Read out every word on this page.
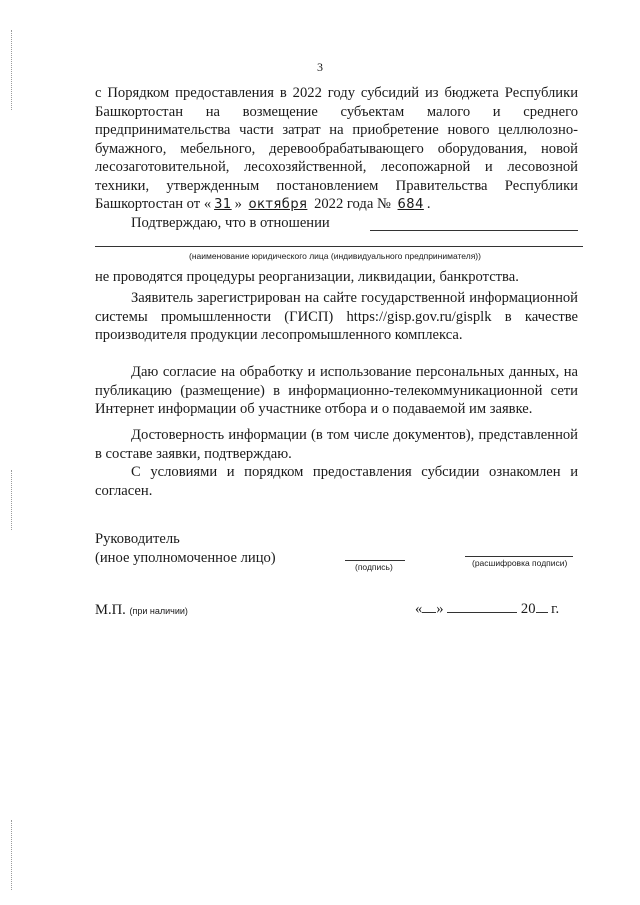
3

с Порядком предоставления в 2022 году субсидий из бюджета Республики Башкортостан на возмещение субъектам малого и среднего предпринимательства части затрат на приобретение нового целлюлозно-бумажного, мебельного, деревообрабатывающего оборудования, новой лесозаготовительной, лесохозяйственной, лесопожарной и лесовозной техники, утвержденным постановлением Правительства Республики Башкортостан от « 31 » октября 2022 года № 684 .

Подтверждаю, что в отношении
(наименование юридического лица (индивидуального предпринимателя))

не проводятся процедуры реорганизации, ликвидации, банкротства.

Заявитель зарегистрирован на сайте государственной информационной системы промышленности (ГИСП) https://gisp.gov.ru/gisplk в качестве производителя продукции лесопромышленного комплекса.

Даю согласие на обработку и использование персональных данных, на публикацию (размещение) в информационно-телекоммуникационной сети Интернет информации об участнике отбора и о подаваемой им заявке.

Достоверность информации (в том числе документов), представленной в составе заявки, подтверждаю.

С условиями и порядком предоставления субсидии ознакомлен и согласен.

Руководитель
(иное уполномоченное лицо)
(подпись)	(расшифровка подписи)
М.П. (при наличии)	« »	20 г.
